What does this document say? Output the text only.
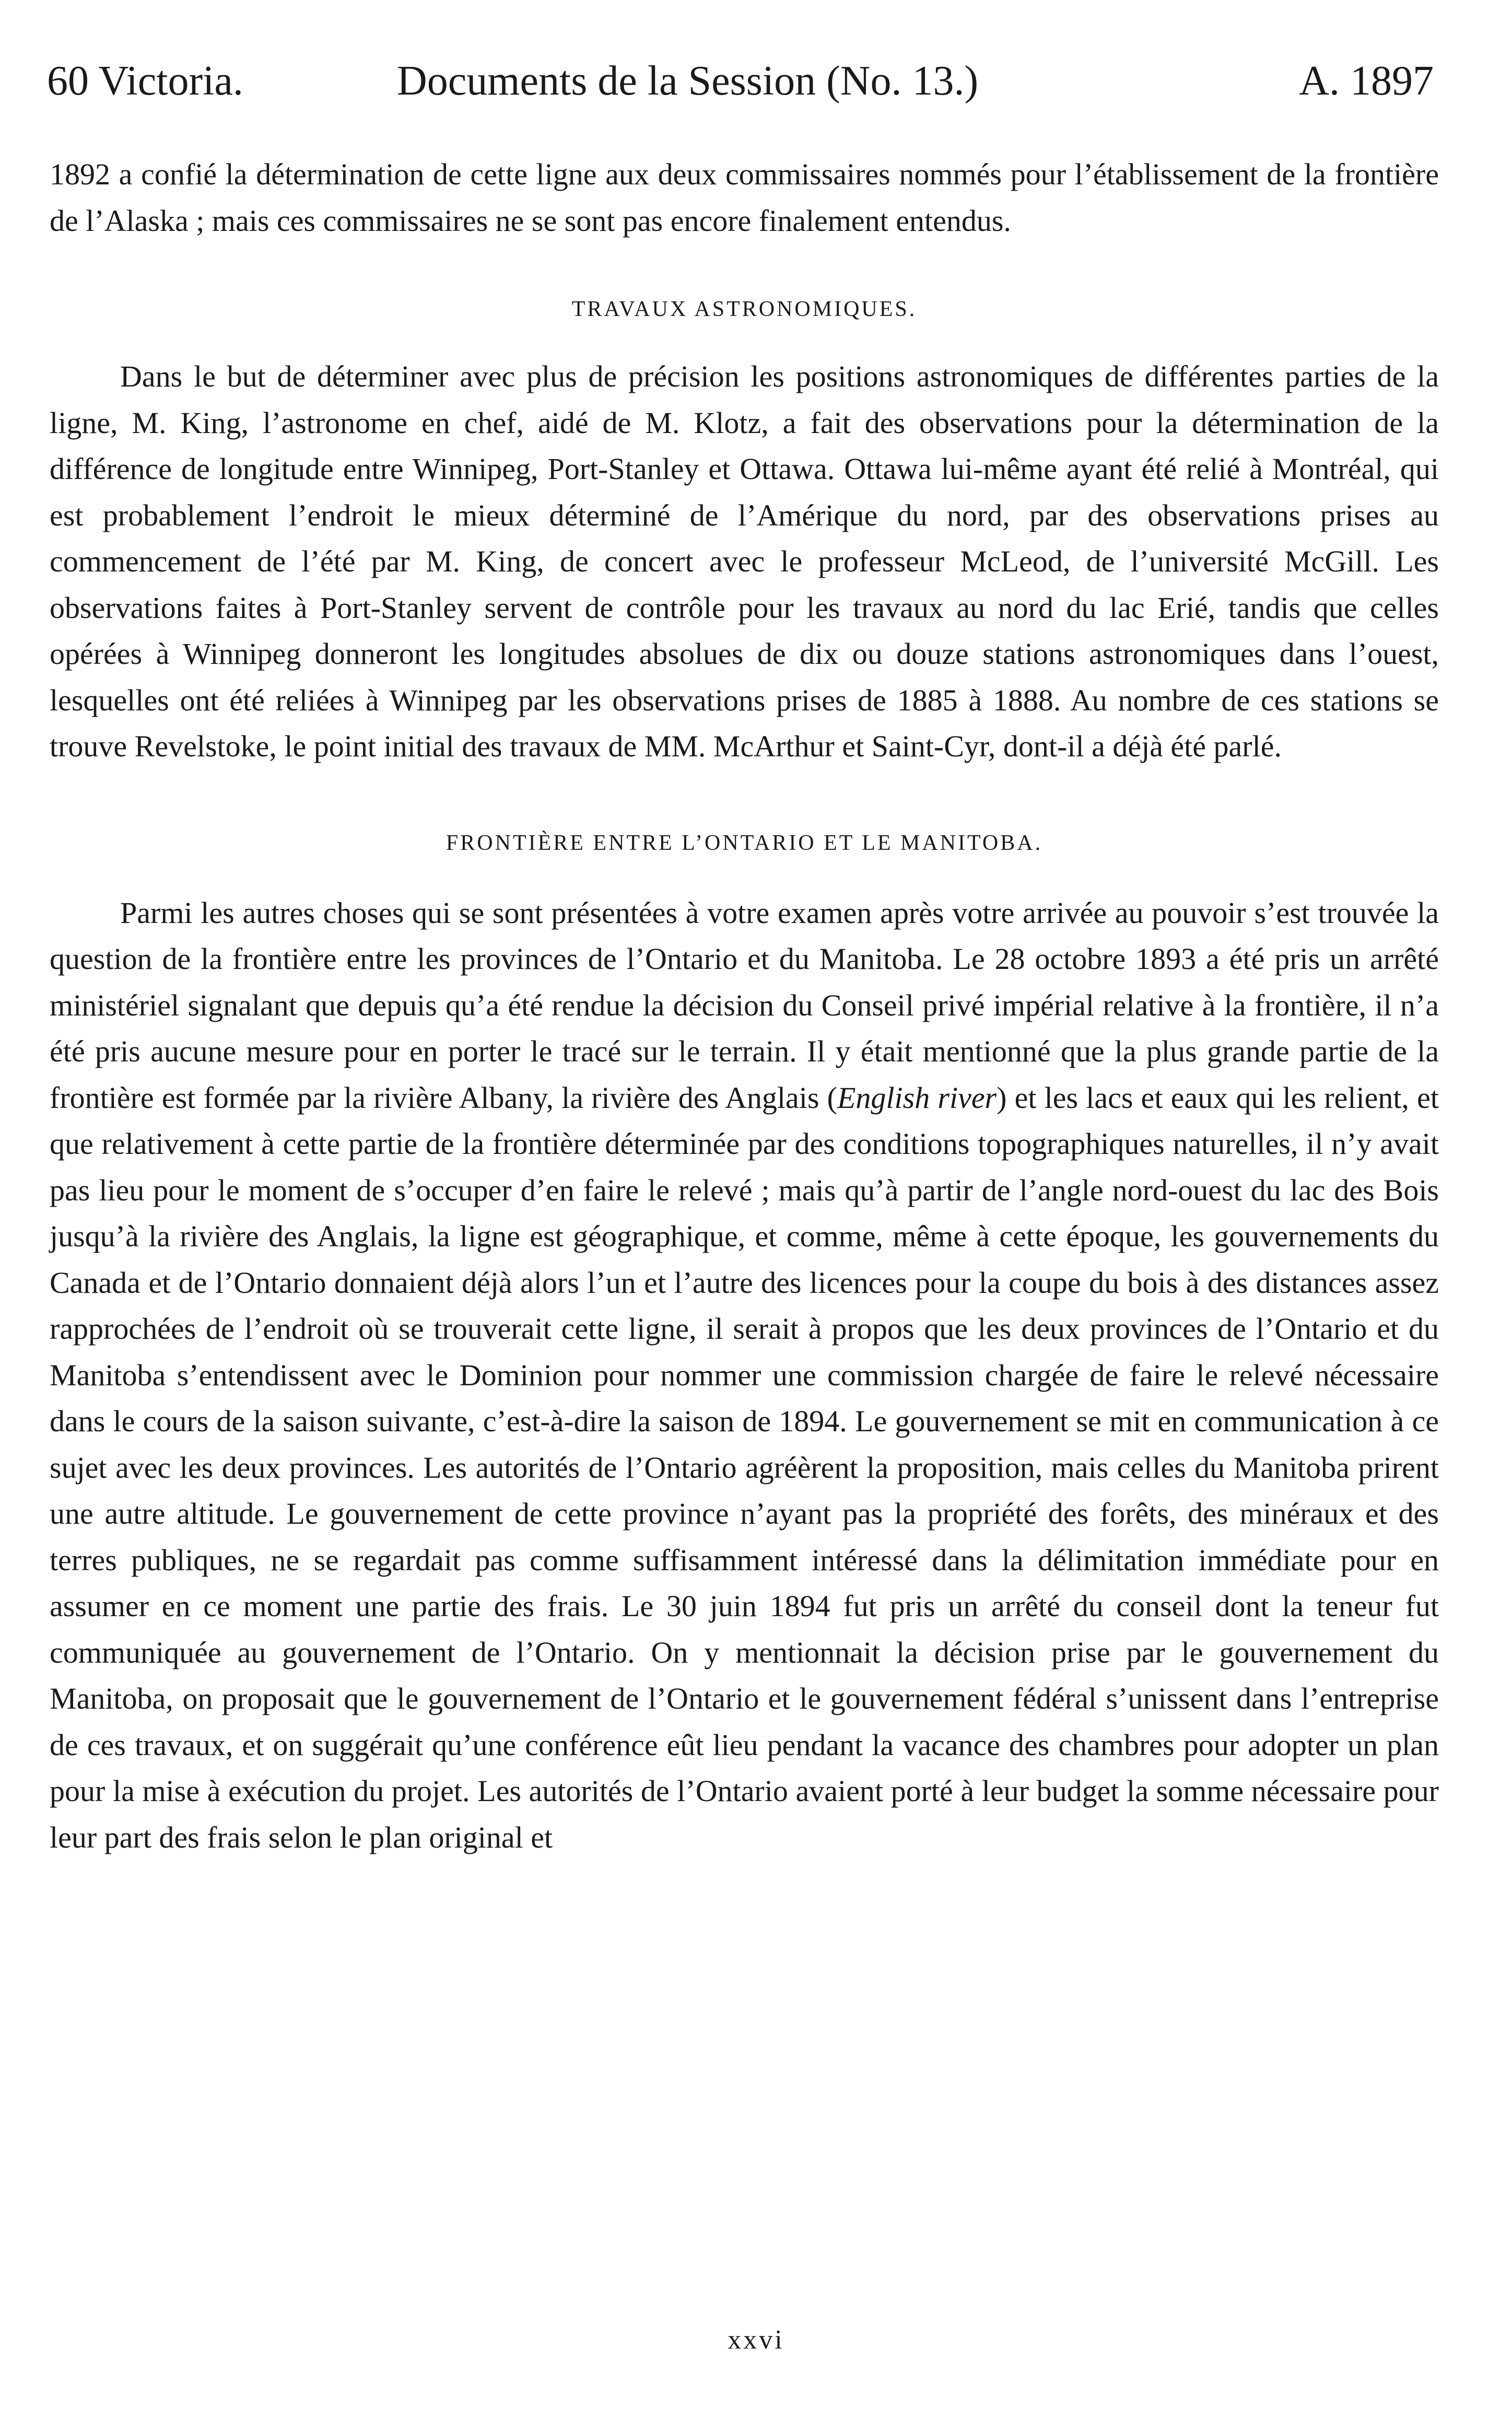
60 Victoria.	Documents de la Session (No. 13.)	A. 1897

1892 a confié la détermination de cette ligne aux deux commissaires nommés pour l’établissement de la frontière de l’Alaska ; mais ces commissaires ne se sont pas encore finalement entendus.

TRAVAUX ASTRONOMIQUES.

Dans le but de déterminer avec plus de précision les positions astronomiques de différentes parties de la ligne, M. King, l’astronome en chef, aidé de M. Klotz, a fait des observations pour la détermination de la différence de longitude entre Winnipeg, Port-Stanley et Ottawa. Ottawa lui-même ayant été relié à Montréal, qui est probablement l’endroit le mieux déterminé de l’Amérique du nord, par des observations prises au commencement de l’été par M. King, de concert avec le professeur McLeod, de l’université McGill. Les observations faites à Port-Stanley servent de contrôle pour les travaux au nord du lac Erié, tandis que celles opérées à Winnipeg donneront les longitudes absolues de dix ou douze stations astronomiques dans l’ouest, lesquelles ont été reliées à Winnipeg par les observations prises de 1885 à 1888. Au nombre de ces stations se trouve Revelstoke, le point initial des travaux de MM. McArthur et Saint-Cyr, dont-il a déjà été parlé.

FRONTIÈRE ENTRE L’ONTARIO ET LE MANITOBA.

Parmi les autres choses qui se sont présentées à votre examen après votre arrivée au pouvoir s’est trouvée la question de la frontière entre les provinces de l’Ontario et du Manitoba. Le 28 octobre 1893 a été pris un arrêté ministériel signalant que depuis qu’a été rendue la décision du Conseil privé impérial relative à la frontière, il n’a été pris aucune mesure pour en porter le tracé sur le terrain. Il y était mentionné que la plus grande partie de la frontière est formée par la rivière Albany, la rivière des Anglais (English river) et les lacs et eaux qui les relient, et que relativement à cette partie de la frontière déterminée par des conditions topographiques naturelles, il n’y avait pas lieu pour le moment de s’occuper d’en faire le relevé ; mais qu’à partir de l’angle nord-ouest du lac des Bois jusqu’à la rivière des Anglais, la ligne est géographique, et comme, même à cette époque, les gouvernements du Canada et de l’Ontario donnaient déjà alors l’un et l’autre des licences pour la coupe du bois à des distances assez rapprochées de l’endroit où se trouverait cette ligne, il serait à propos que les deux provinces de l’Ontario et du Manitoba s’entendissent avec le Dominion pour nommer une commission chargée de faire le relevé nécessaire dans le cours de la saison suivante, c’est-à-dire la saison de 1894. Le gouvernement se mit en communication à ce sujet avec les deux provinces. Les autorités de l’Ontario agréèrent la proposition, mais celles du Manitoba prirent une autre altitude. Le gouvernement de cette province n’ayant pas la propriété des forêts, des minéraux et des terres publiques, ne se regardait pas comme suffisamment intéressé dans la délimitation immédiate pour en assumer en ce moment une partie des frais. Le 30 juin 1894 fut pris un arrêté du conseil dont la teneur fut communiquée au gouvernement de l’Ontario. On y mentionnait la décision prise par le gouvernement du Manitoba, on proposait que le gouvernement de l’Ontario et le gouvernement fédéral s’unissent dans l’entreprise de ces travaux, et on suggérait qu’une conférence eût lieu pendant la vacance des chambres pour adopter un plan pour la mise à exécution du projet. Les autorités de l’Ontario avaient porté à leur budget la somme nécessaire pour leur part des frais selon le plan original et

xxvi
